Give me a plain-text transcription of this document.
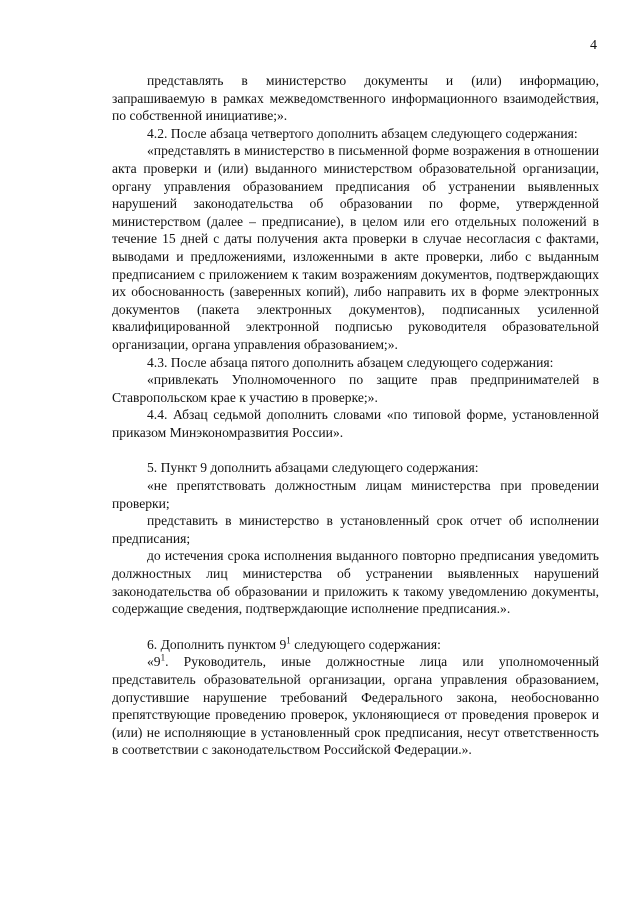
4

представлять в министерство документы и (или) информацию, запрашиваемую в рамках межведомственного информационного взаимодействия, по собственной инициативе;».

4.2. После абзаца четвертого дополнить абзацем следующего содержания:

«представлять в министерство в письменной форме возражения в отношении акта проверки и (или) выданного министерством образовательной организации, органу управления образованием предписания об устранении выявленных нарушений законодательства об образовании по форме, утвержденной министерством (далее – предписание), в целом или его отдельных положений в течение 15 дней с даты получения акта проверки в случае несогласия с фактами, выводами и предложениями, изложенными в акте проверки, либо с выданным предписанием с приложением к таким возражениям документов, подтверждающих их обоснованность (заверенных копий), либо направить их в форме электронных документов (пакета электронных документов), подписанных усиленной квалифицированной электронной подписью руководителя образовательной организации, органа управления образованием;».

4.3. После абзаца пятого дополнить абзацем следующего содержания:

«привлекать Уполномоченного по защите прав предпринимателей в Ставропольском крае к участию в проверке;».

4.4. Абзац седьмой дополнить словами «по типовой форме, установленной приказом Минэкономразвития России».

5. Пункт 9 дополнить абзацами следующего содержания:

«не препятствовать должностным лицам министерства при проведении проверки;

представить в министерство в установленный срок отчет об исполнении предписания;

до истечения срока исполнения выданного повторно предписания уведомить должностных лиц министерства об устранении выявленных нарушений законодательства об образовании и приложить к такому уведомлению документы, содержащие сведения, подтверждающие исполнение предписания.».

6. Дополнить пунктом $9^1$ следующего содержания:

«$9^1$. Руководитель, иные должностные лица или уполномоченный представитель образовательной организации, органа управления образованием, допустившие нарушение требований Федерального закона, необоснованно препятствующие проведению проверок, уклоняющиеся от проведения проверок и (или) не исполняющие в установленный срок предписания, несут ответственность в соответствии с законодательством Российской Федерации.».
